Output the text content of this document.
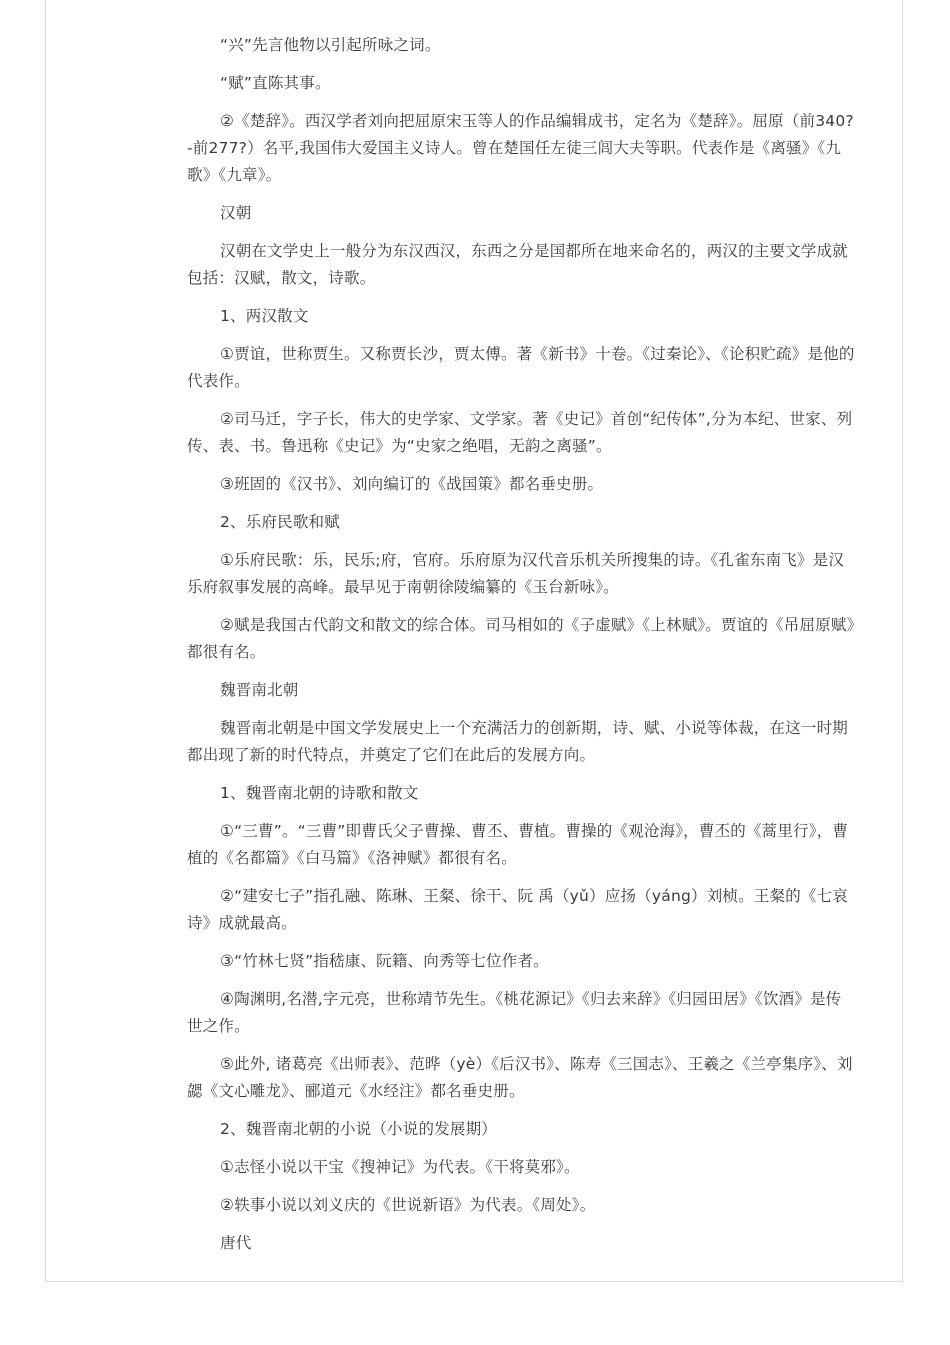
“兴”先言他物以引起所咏之词。

“赋”直陈其事。

②《楚辞》。西汉学者刘向把屈原宋玉等人的作品编辑成书，定名为《楚辞》。屈原（前340?-前277?）名平,我国伟大爱国主义诗人。曾在楚国任左徒三闾大夫等职。代表作是《离骚》《九歌》《九章》。

汉朝

汉朝在文学史上一般分为东汉西汉，东西之分是国都所在地来命名的，两汉的主要文学成就包括：汉赋，散文，诗歌。

1、两汉散文

①贾谊，世称贾生。又称贾长沙，贾太傅。著《新书》十卷。《过秦论》、《论积贮疏》是他的代表作。

②司马迁，字子长，伟大的史学家、文学家。著《史记》首创“纪传体”,分为本纪、世家、列传、表、书。鲁迅称《史记》为“史家之绝唱，无韵之离骚”。

③班固的《汉书》、刘向编订的《战国策》都名垂史册。

2、乐府民歌和赋

①乐府民歌：乐，民乐;府，官府。乐府原为汉代音乐机关所搜集的诗。《孔雀东南飞》是汉乐府叙事发展的高峰。最早见于南朝徐陵编纂的《玉台新咏》。

②赋是我国古代韵文和散文的综合体。司马相如的《子虚赋》《上林赋》。贾谊的《吊屈原赋》都很有名。

魏晋南北朝

魏晋南北朝是中国文学发展史上一个充满活力的创新期，诗、赋、小说等体裁，在这一时期都出现了新的时代特点，并奠定了它们在此后的发展方向。

1、魏晋南北朝的诗歌和散文

①“三曹”。“三曹”即曹氏父子曹操、曹丕、曹植。曹操的《观沧海》，曹丕的《蒿里行》，曹植的《名都篇》《白马篇》《洛神赋》都很有名。

②“建安七子”指孔融、陈琳、王粲、徐干、阮 禹（yǔ）应扬（yáng）刘桢。王粲的《七哀诗》成就最高。

③“竹林七贤”指嵇康、阮籍、向秀等七位作者。

④陶渊明,名潜,字元亮，世称靖节先生。《桃花源记》《归去来辞》《归园田居》《饮酒》是传世之作。

⑤此外, 诸葛亮《出师表》、范晔（yè）《后汉书》、陈寿《三国志》、王羲之《兰亭集序》、刘勰《文心雕龙》、郦道元《水经注》都名垂史册。

2、魏晋南北朝的小说（小说的发展期）

①志怪小说以干宝《搜神记》为代表。《干将莫邪》。

②轶事小说以刘义庆的《世说新语》为代表。《周处》。

唐代
